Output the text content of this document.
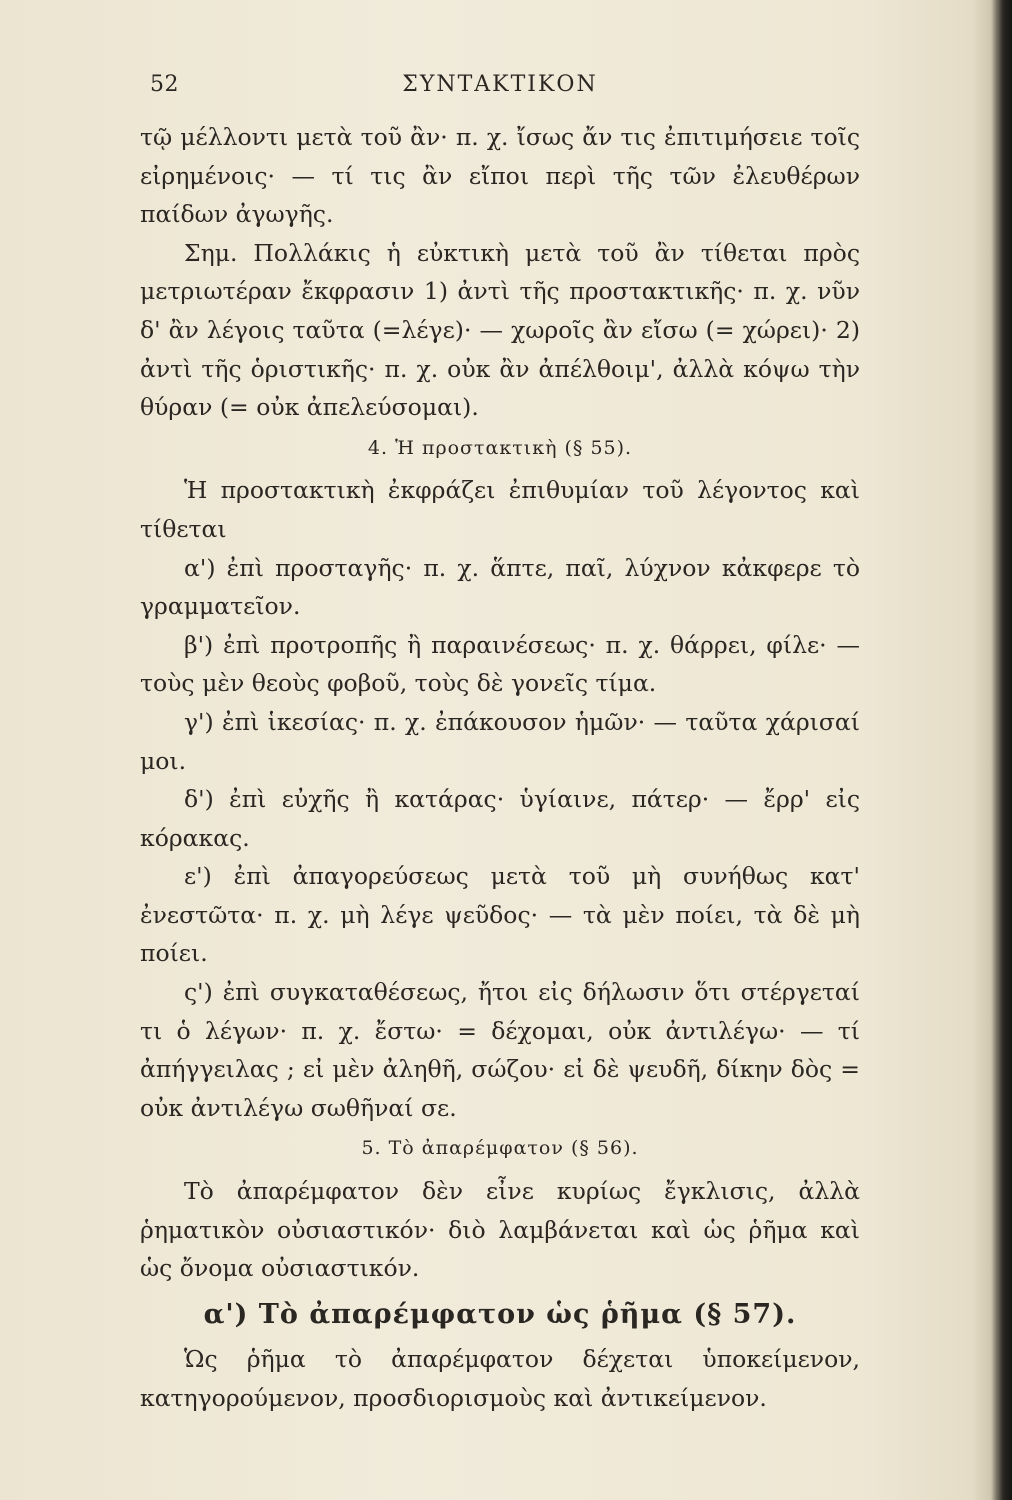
52	ΣΥΝΤΑΚΤΙΚΟΝ

τῷ μέλλοντι μετὰ τοῦ ἂν· π. χ. ἴσως ἄν τις ἐπιτιμήσειε τοῖς εἰρημένοις· — τί τις ἂν εἴποι περὶ τῆς τῶν ἐλευθέρων παίδων ἀγωγῆς.

Σημ. Πολλάκις ἡ εὐκτικὴ μετὰ τοῦ ἂν τίθεται πρὸς μετριωτέραν ἔκφρασιν 1) ἀντὶ τῆς προστακτικῆς· π. χ. νῦν δ' ἂν λέγοις ταῦτα (=λέγε)· — χωροῖς ἂν εἴσω (= χώρει)· 2) ἀντὶ τῆς ὁριστικῆς· π. χ. οὐκ ἂν ἀπέλθοιμ', ἀλλὰ κόψω τὴν θύραν (= οὐκ ἀπελεύσομαι).

4. Ἡ προστακτικὴ (§ 55).

Ἡ προστακτικὴ ἐκφράζει ἐπιθυμίαν τοῦ λέγοντος καὶ τίθεται

α') ἐπὶ προσταγῆς· π. χ. ἅπτε, παῖ, λύχνον κἀκφερε τὸ γραμματεῖον.

β') ἐπὶ προτροπῆς ἢ παραινέσεως· π. χ. θάρρει, φίλε· — τοὺς μὲν θεοὺς φοβοῦ, τοὺς δὲ γονεῖς τίμα.

γ') ἐπὶ ἱκεσίας· π. χ. ἐπάκουσον ἡμῶν· — ταῦτα χάρισαί μοι.

δ') ἐπὶ εὐχῆς ἢ κατάρας· ὑγίαινε, πάτερ· — ἔρρ' εἰς κόρακας.

ε') ἐπὶ ἀπαγορεύσεως μετὰ τοῦ μὴ συνήθως κατ' ἐνεστῶτα· π. χ. μὴ λέγε ψεῦδος· — τὰ μὲν ποίει, τὰ δὲ μὴ ποίει.

ς') ἐπὶ συγκαταθέσεως, ἤτοι εἰς δήλωσιν ὅτι στέργεταί τι ὁ λέγων· π. χ. ἔστω· = δέχομαι, οὐκ ἀντιλέγω· — τί ἀπήγγειλας ; εἰ μὲν ἀληθῆ, σώζου· εἰ δὲ ψευδῆ, δίκην δὸς = οὐκ ἀντιλέγω σωθῆναί σε.

5. Τὸ ἀπαρέμφατον (§ 56).

Τὸ ἀπαρέμφατον δὲν εἶνε κυρίως ἔγκλισις, ἀλλὰ ῥηματικὸν οὐσιαστικόν· διὸ λαμβάνεται καὶ ὡς ῥῆμα καὶ ὡς ὄνομα οὐσιαστικόν.

α') Τὸ ἀπαρέμφατον ὡς ῥῆμα (§ 57).

Ὡς ῥῆμα τὸ ἀπαρέμφατον δέχεται ὑποκείμενον, κατηγορούμενον, προσδιορισμοὺς καὶ ἀντικείμενον.
